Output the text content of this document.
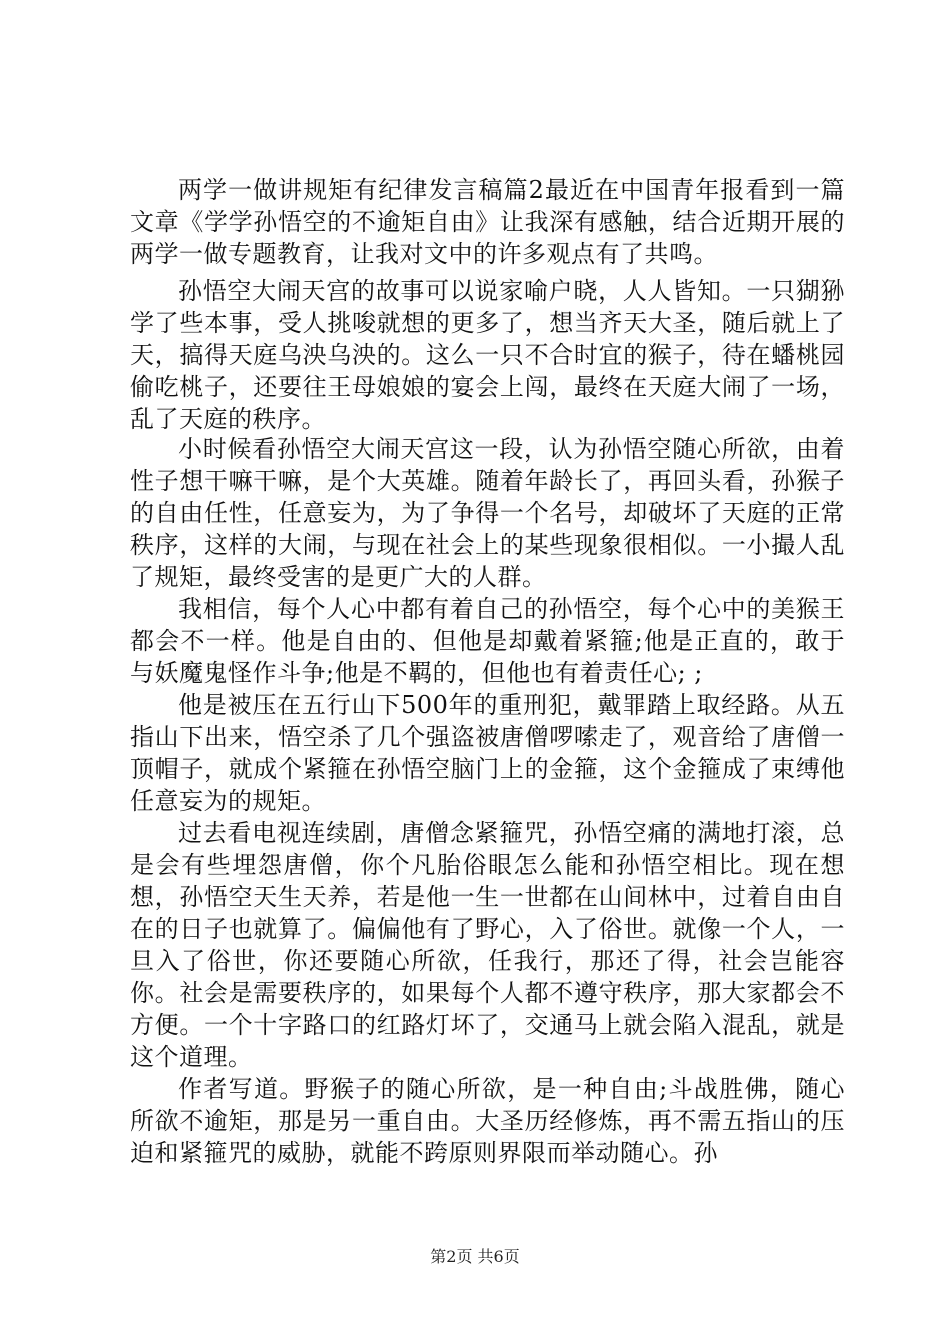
两学一做讲规矩有纪律发言稿篇2最近在中国青年报看到一篇文章《学学孙悟空的不逾矩自由》让我深有感触，结合近期开展的两学一做专题教育，让我对文中的许多观点有了共鸣。

孙悟空大闹天宫的故事可以说家喻户晓，人人皆知。一只猢狲学了些本事，受人挑唆就想的更多了，想当齐天大圣，随后就上了天，搞得天庭乌泱乌泱的。这么一只不合时宜的猴子，待在蟠桃园偷吃桃子，还要往王母娘娘的宴会上闯，最终在天庭大闹了一场，乱了天庭的秩序。

小时候看孙悟空大闹天宫这一段，认为孙悟空随心所欲，由着性子想干嘛干嘛，是个大英雄。随着年龄长了，再回头看，孙猴子的自由任性，任意妄为，为了争得一个名号，却破坏了天庭的正常秩序，这样的大闹，与现在社会上的某些现象很相似。一小撮人乱了规矩，最终受害的是更广大的人群。

我相信，每个人心中都有着自己的孙悟空，每个心中的美猴王都会不一样。他是自由的、但他是却戴着紧箍;他是正直的，敢于与妖魔鬼怪作斗争;他是不羁的，但他也有着责任心; ;

他是被压在五行山下500年的重刑犯，戴罪踏上取经路。从五指山下出来，悟空杀了几个强盗被唐僧啰嗦走了，观音给了唐僧一顶帽子，就成个紧箍在孙悟空脑门上的金箍，这个金箍成了束缚他任意妄为的规矩。

过去看电视连续剧，唐僧念紧箍咒，孙悟空痛的满地打滚，总是会有些埋怨唐僧，你个凡胎俗眼怎么能和孙悟空相比。现在想想，孙悟空天生天养，若是他一生一世都在山间林中，过着自由自在的日子也就算了。偏偏他有了野心，入了俗世。就像一个人，一旦入了俗世，你还要随心所欲，任我行，那还了得，社会岂能容你。社会是需要秩序的，如果每个人都不遵守秩序，那大家都会不方便。一个十字路口的红路灯坏了，交通马上就会陷入混乱，就是这个道理。

作者写道。野猴子的随心所欲，是一种自由;斗战胜佛，随心所欲不逾矩，那是另一重自由。大圣历经修炼，再不需五指山的压迫和紧箍咒的威胁，就能不跨原则界限而举动随心。孙

第2页 共6页
